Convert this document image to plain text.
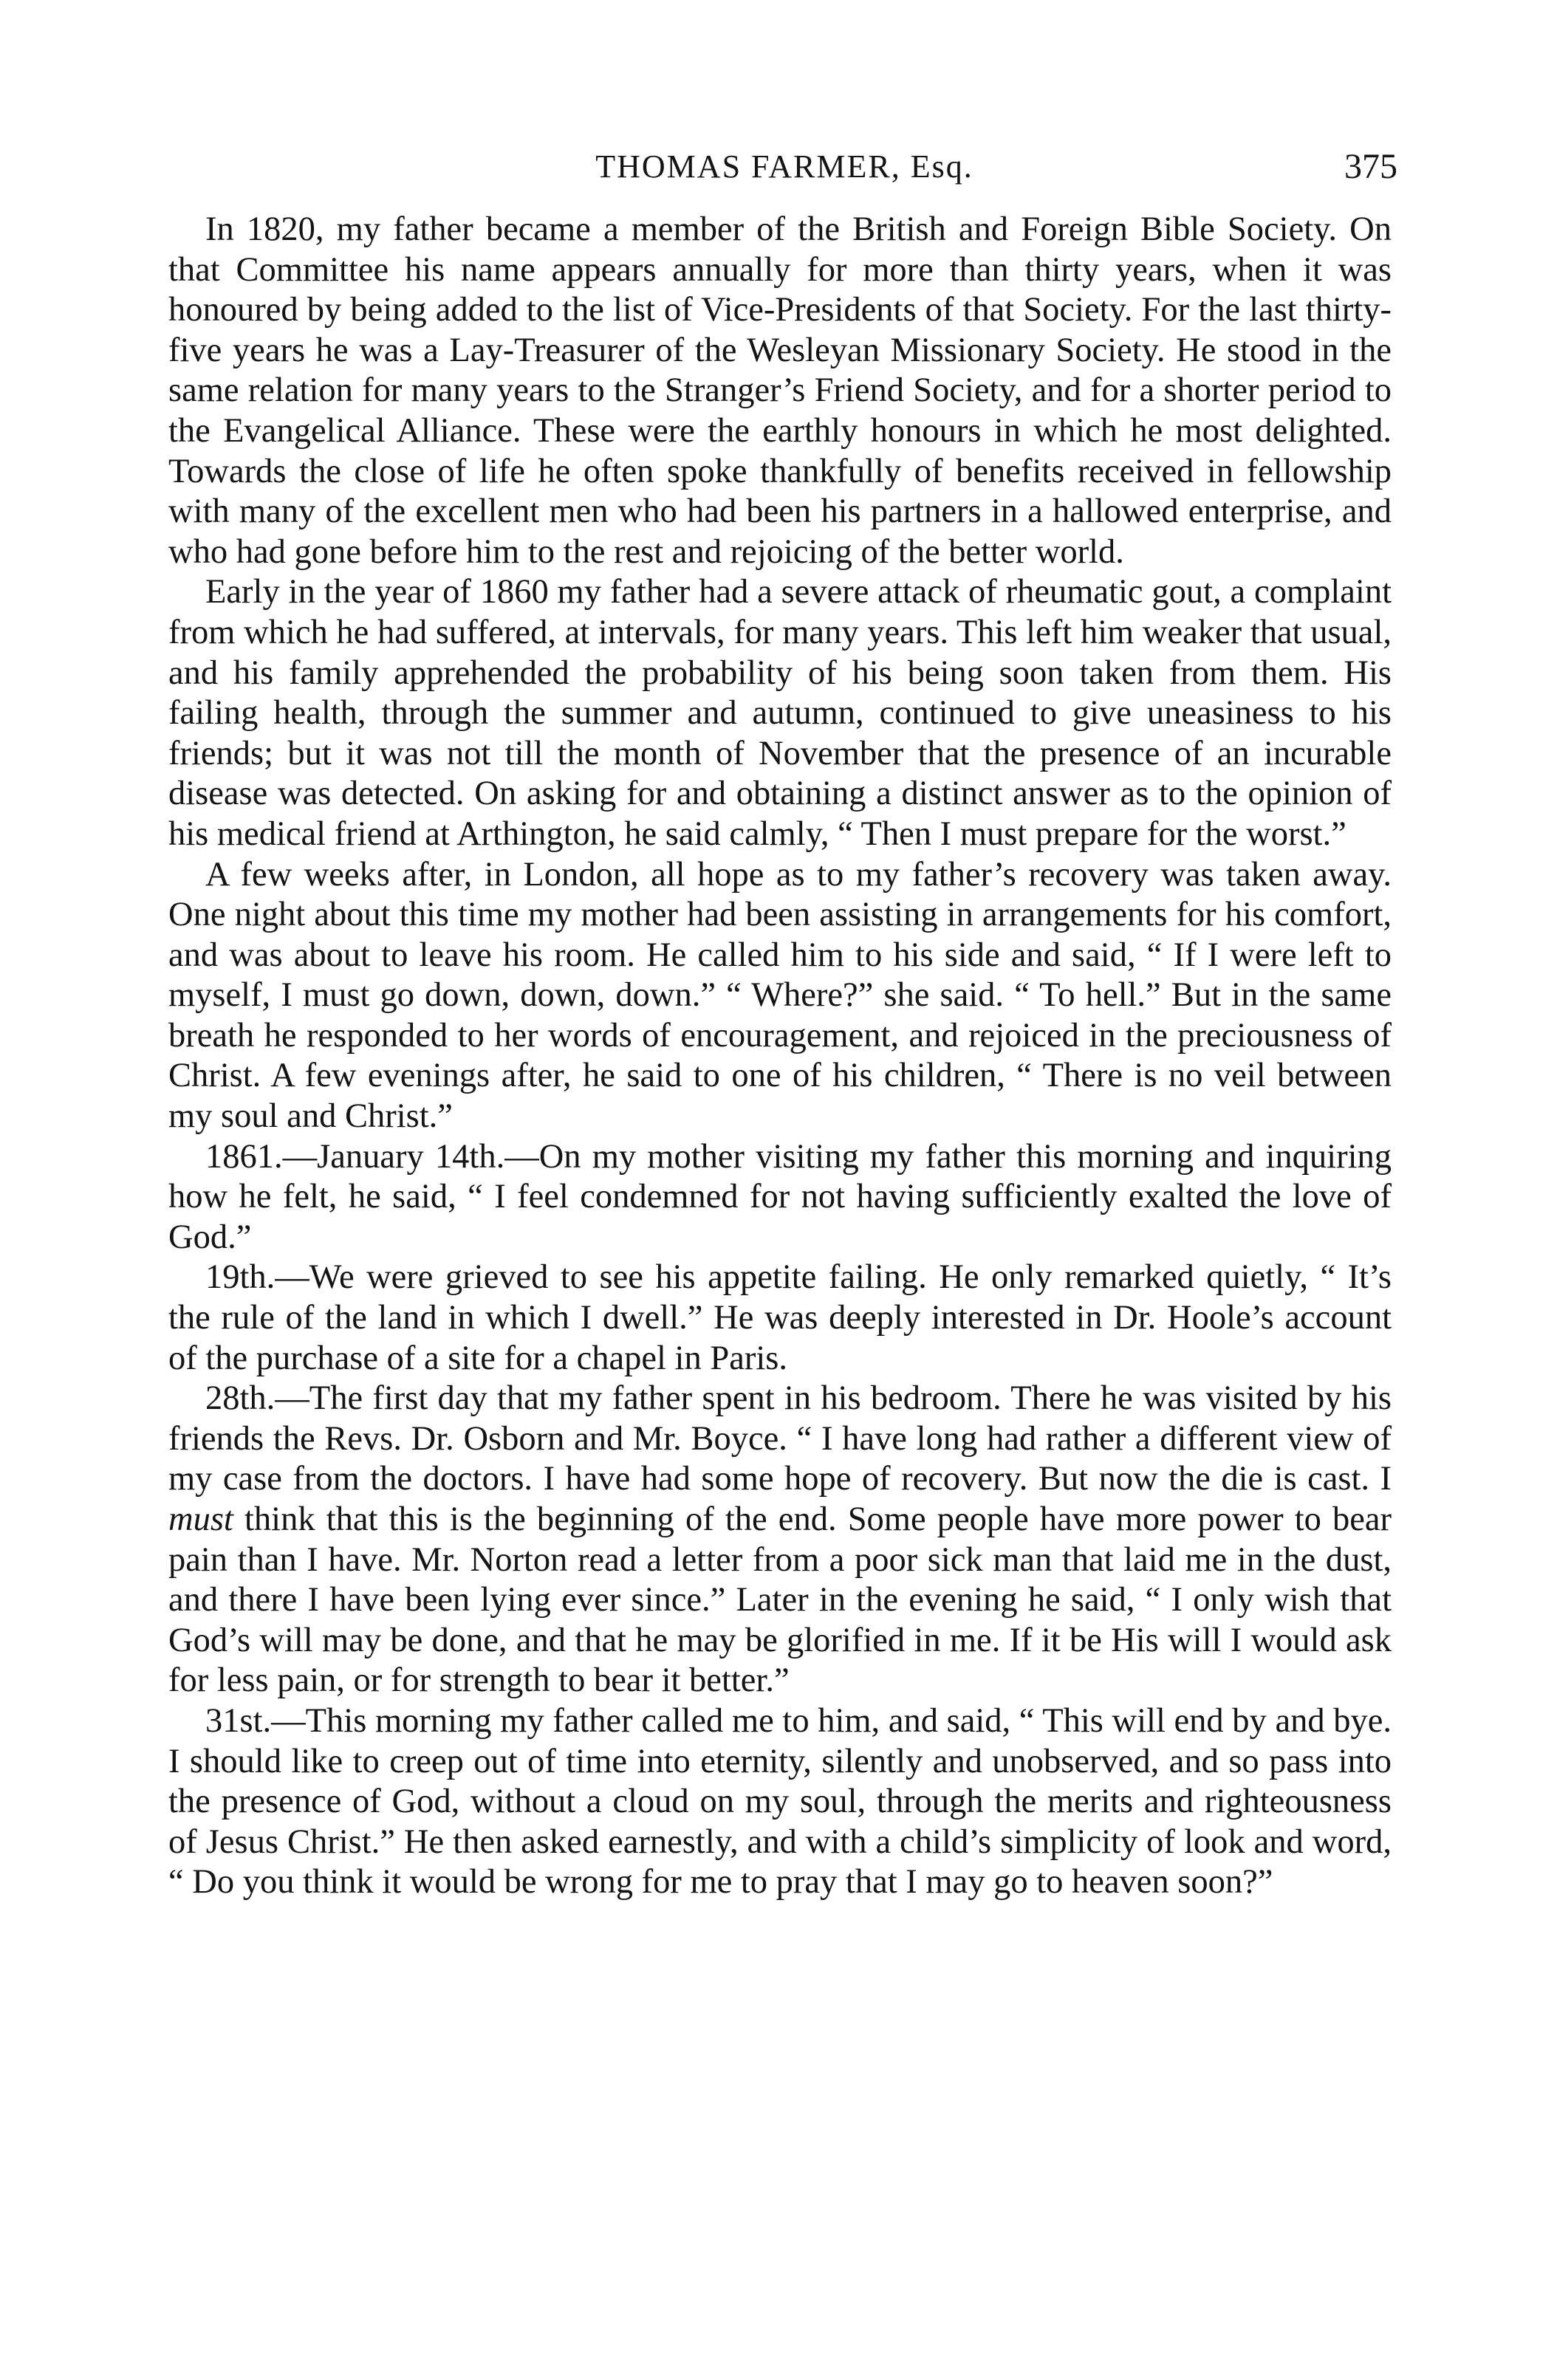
THOMAS FARMER, Esq.	375

In 1820, my father became a member of the British and Foreign Bible Society. On that Committee his name appears annually for more than thirty years, when it was honoured by being added to the list of Vice-Presidents of that Society. For the last thirty-five years he was a Lay-Treasurer of the Wesleyan Missionary Society. He stood in the same relation for many years to the Stranger’s Friend Society, and for a shorter period to the Evangelical Alliance. These were the earthly honours in which he most delighted. Towards the close of life he often spoke thankfully of benefits received in fellowship with many of the excellent men who had been his partners in a hallowed enterprise, and who had gone before him to the rest and rejoicing of the better world.

Early in the year of 1860 my father had a severe attack of rheumatic gout, a complaint from which he had suffered, at intervals, for many years. This left him weaker that usual, and his family apprehended the probability of his being soon taken from them. His failing health, through the summer and autumn, continued to give uneasiness to his friends; but it was not till the month of November that the presence of an incurable disease was detected. On asking for and obtaining a distinct answer as to the opinion of his medical friend at Arthington, he said calmly, “ Then I must prepare for the worst.”

A few weeks after, in London, all hope as to my father’s recovery was taken away. One night about this time my mother had been assisting in arrangements for his comfort, and was about to leave his room. He called him to his side and said, “ If I were left to myself, I must go down, down, down.” “ Where?” she said. “ To hell.” But in the same breath he responded to her words of encouragement, and rejoiced in the preciousness of Christ. A few evenings after, he said to one of his children, “ There is no veil between my soul and Christ.”

1861.—January 14th.—On my mother visiting my father this morning and inquiring how he felt, he said, “ I feel condemned for not having sufficiently exalted the love of God.”

19th.—We were grieved to see his appetite failing. He only remarked quietly, “ It’s the rule of the land in which I dwell.” He was deeply interested in Dr. Hoole’s account of the purchase of a site for a chapel in Paris.

28th.—The first day that my father spent in his bedroom. There he was visited by his friends the Revs. Dr. Osborn and Mr. Boyce. “ I have long had rather a different view of my case from the doctors. I have had some hope of recovery. But now the die is cast. I must think that this is the beginning of the end. Some people have more power to bear pain than I have. Mr. Norton read a letter from a poor sick man that laid me in the dust, and there I have been lying ever since.” Later in the evening he said, “ I only wish that God’s will may be done, and that he may be glorified in me. If it be His will I would ask for less pain, or for strength to bear it better.”

31st.—This morning my father called me to him, and said, “ This will end by and bye. I should like to creep out of time into eternity, silently and unobserved, and so pass into the presence of God, without a cloud on my soul, through the merits and righteousness of Jesus Christ.” He then asked earnestly, and with a child’s simplicity of look and word, “ Do you think it would be wrong for me to pray that I may go to heaven soon?”
